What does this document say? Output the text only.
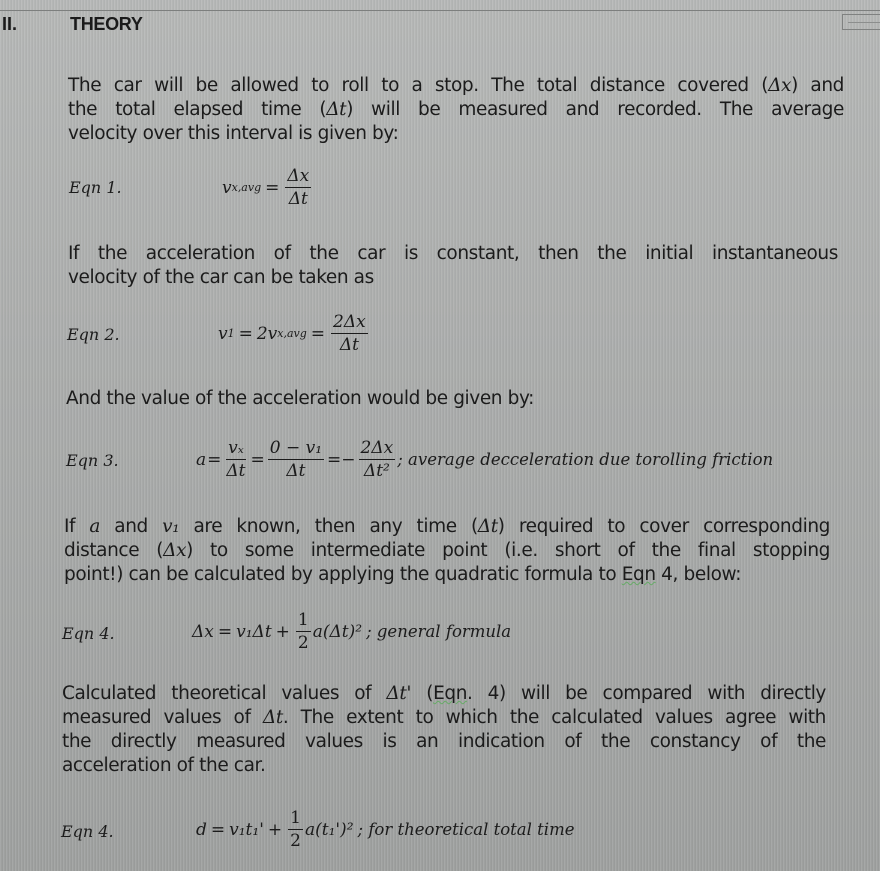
II.	THEORY
The car will be allowed to roll to a stop. The total distance covered (Δx) and
the total elapsed time (Δt) will be measured and recorded. The average
velocity over this interval is given by:
Eqn 1.	v $x,avg = \frac{\Delta x}{\Delta t}$
If the acceleration of the car is constant, then the initial instantaneous
velocity of the car can be taken as
Eqn 2.	v 1 = 2v $x,avg = \frac{2\Delta x}{\Delta t}$
And the value of the acceleration would be given by:
Eqn 3.	$a = \frac{\text{vₓ}}{\Delta t} = \frac{\text{0 − v₁}}{\Delta t} =- \frac{2\Delta x}{\text{Δt²}}$ ; average decceleration due torolling friction
If a and v₁ are known, then any time (Δt) required to cover corresponding
distance (Δx) to some intermediate point (i.e. short of the final stopping
point!) can be calculated by applying the quadratic formula to Eqn 4, below:
Eqn 4.	$\Delta x = v_1\Delta t + \frac{1}{2} a(\Delta t)^2$ ; general formula
Calculated theoretical values of Δt' (Eqn. 4) will be compared with directly
measured values of Δt. The extent to which the calculated values agree with
the directly measured values is an indication of the constancy of the
acceleration of the car.
Eqn 4.	$d = v_1t_1' + \frac{1}{2} a(t_1')^2$ ; for theoretical total time
